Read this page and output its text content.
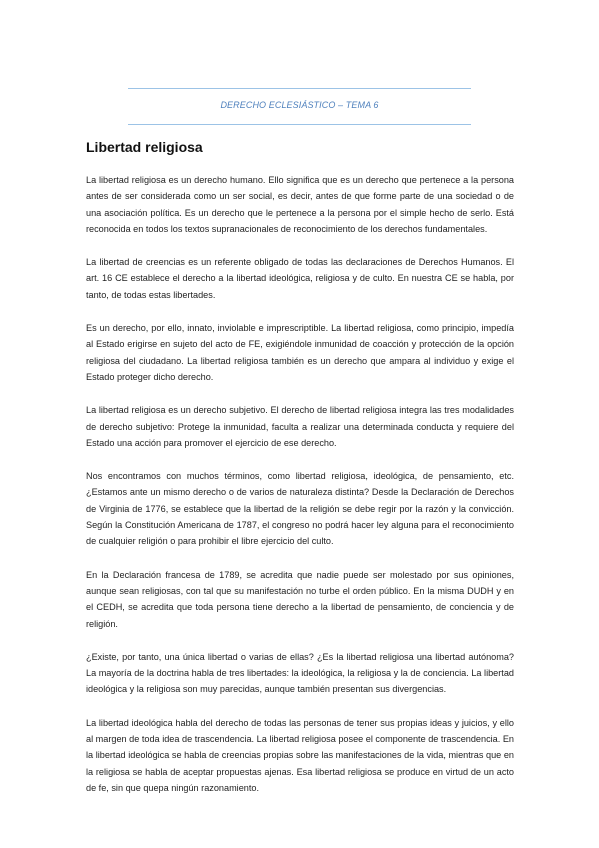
DERECHO ECLESIÁSTICO – TEMA 6
Libertad religiosa

La libertad religiosa es un derecho humano. Ello significa que es un derecho que pertenece a la persona antes de ser considerada como un ser social, es decir, antes de que forme parte de una sociedad o de una asociación política. Es un derecho que le pertenece a la persona por el simple hecho de serlo. Está reconocida en todos los textos supranacionales de reconocimiento de los derechos fundamentales.

La libertad de creencias es un referente obligado de todas las declaraciones de Derechos Humanos. El art. 16 CE establece el derecho a la libertad ideológica, religiosa y de culto. En nuestra CE se habla, por tanto, de todas estas libertades.

Es un derecho, por ello, innato, inviolable e imprescriptible. La libertad religiosa, como principio, impedía al Estado erigirse en sujeto del acto de FE, exigiéndole inmunidad de coacción y protección de la opción religiosa del ciudadano. La libertad religiosa también es un derecho que ampara al individuo y exige el Estado proteger dicho derecho.

La libertad religiosa es un derecho subjetivo. El derecho de libertad religiosa integra las tres modalidades de derecho subjetivo: Protege la inmunidad, faculta a realizar una determinada conducta y requiere del Estado una acción para promover el ejercicio de ese derecho.

Nos encontramos con muchos términos, como libertad religiosa, ideológica, de pensamiento, etc. ¿Estamos ante un mismo derecho o de varios de naturaleza distinta? Desde la Declaración de Derechos de Virginia de 1776, se establece que la libertad de la religión se debe regir por la razón y la convicción. Según la Constitución Americana de 1787, el congreso no podrá hacer ley alguna para el reconocimiento de cualquier religión o para prohibir el libre ejercicio del culto.

En la Declaración francesa de 1789, se acredita que nadie puede ser molestado por sus opiniones, aunque sean religiosas, con tal que su manifestación no turbe el orden público. En la misma DUDH y en el CEDH, se acredita que toda persona tiene derecho a la libertad de pensamiento, de conciencia y de religión.

¿Existe, por tanto, una única libertad o varias de ellas? ¿Es la libertad religiosa una libertad autónoma? La mayoría de la doctrina habla de tres libertades: la ideológica, la religiosa y la de conciencia. La libertad ideológica y la religiosa son muy parecidas, aunque también presentan sus divergencias.

La libertad ideológica habla del derecho de todas las personas de tener sus propias ideas y juicios, y ello al margen de toda idea de trascendencia. La libertad religiosa posee el componente de trascendencia. En la libertad ideológica se habla de creencias propias sobre las manifestaciones de la vida, mientras que en la religiosa se habla de aceptar propuestas ajenas. Esa libertad religiosa se produce en virtud de un acto de fe, sin que quepa ningún razonamiento.
